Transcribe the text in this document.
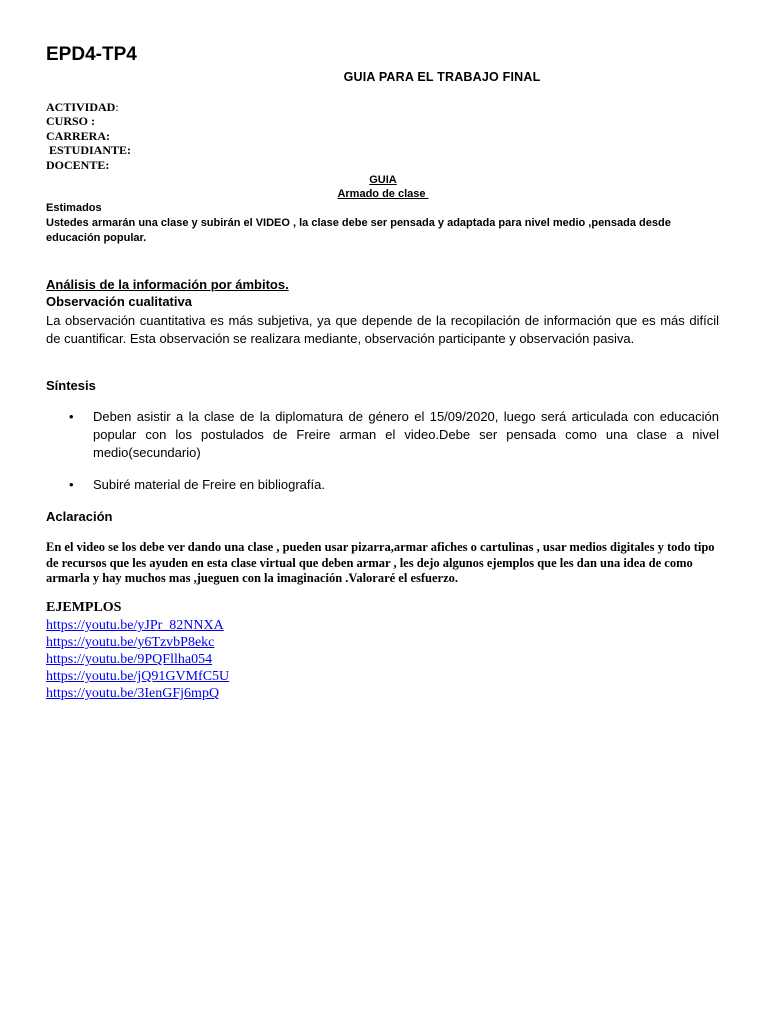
EPD4-TP4
GUIA PARA EL TRABAJO FINAL
ACTIVIDAD:
CURSO :
CARRERA:
ESTUDIANTE:
DOCENTE:
GUIA
Armado de clase
Estimados
Ustedes armarán una clase y subirán el VIDEO , la clase debe ser pensada y adaptada para nivel medio ,pensada desde educación popular.
Análisis de la información por ámbitos.
Observación cualitativa

La observación cuantitativa es más subjetiva, ya que depende de la recopilación de información que es más difícil de cuantificar. Esta observación se realizara mediante, observación participante y observación pasiva.

Síntesis
• Deben asistir a la clase de la diplomatura de género el 15/09/2020, luego será articulada con educación popular con los postulados de Freire arman el video.Debe ser pensada como una clase a nivel medio(secundario)
• Subiré material de Freire en bibliografía.
Aclaración

En el video se los debe ver dando una clase , pueden usar pizarra,armar afiches o cartulinas , usar medios digitales y todo tipo de recursos que les ayuden en esta clase virtual que deben armar , les dejo algunos ejemplos que les dan una idea de como armarla y hay muchos mas ,jueguen con la imaginación .Valoraré el esfuerzo.

EJEMPLOS
https://youtu.be/yJPr_82NNXA
https://youtu.be/y6TzvbP8ekc
https://youtu.be/9PQFllha054
https://youtu.be/jQ91GVMfC5U
https://youtu.be/3IenGFj6mpQ
